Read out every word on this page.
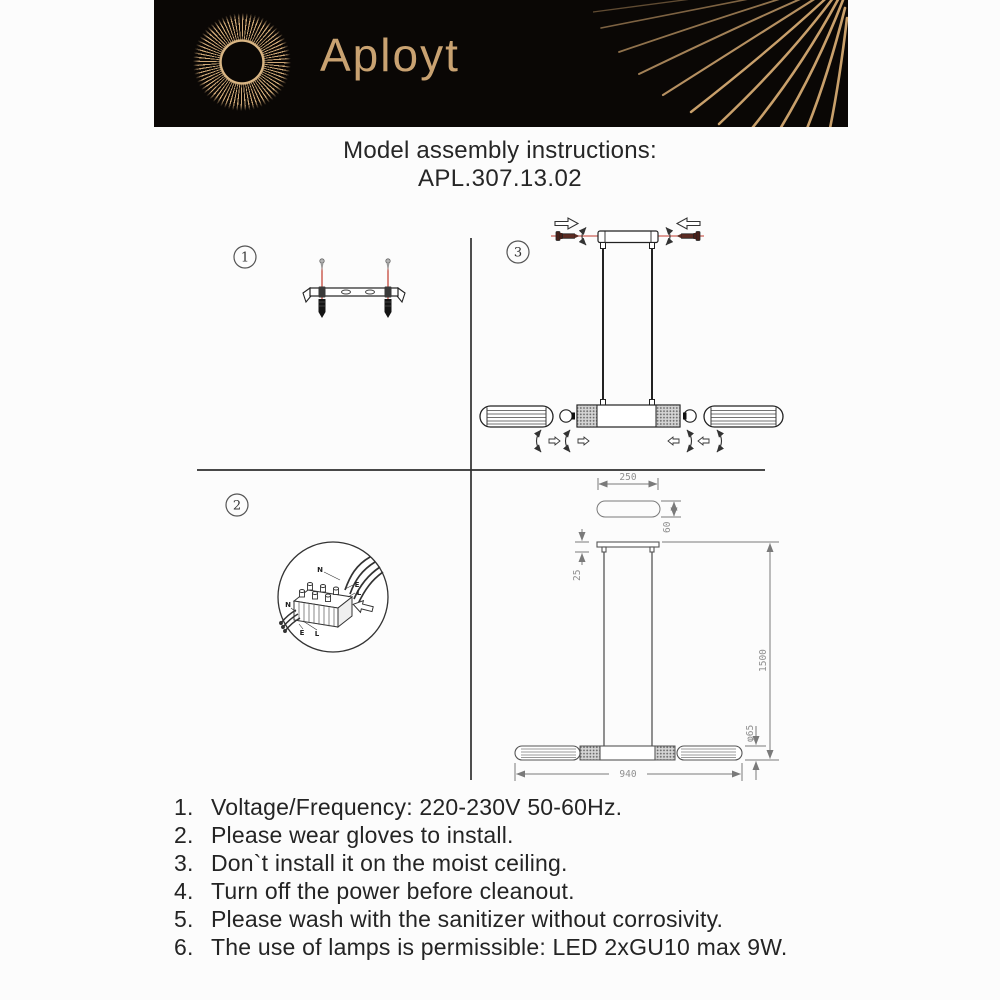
Aployt
Model assembly instructions:
APL.307.13.02
1	3
2
N
E
L
N
E L
250
60
25
1500
φ65
940
1. Voltage/Frequency: 220-230V 50-60Hz.
2. Please wear gloves to install.
3. Don`t install it on the moist ceiling.
4. Turn off the power before cleanout.
5. Please wash with the sanitizer without corrosivity.
6. The use of lamps is permissible: LED 2xGU10 max 9W.
